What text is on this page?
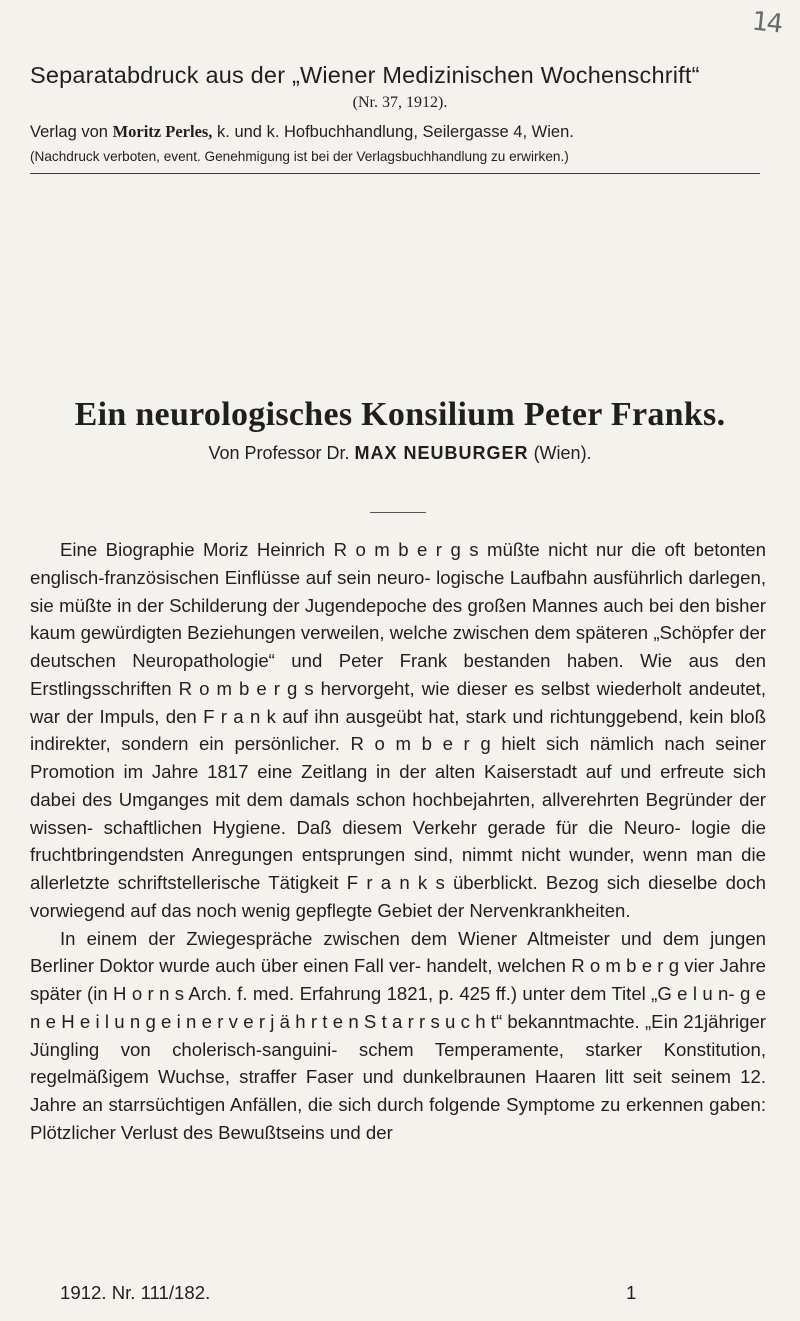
14
Separatabdruck aus der „Wiener Medizinischen Wochenschrift“
(Nr. 37, 1912).
Verlag von Moritz Perles, k. und k. Hofbuchhandlung, Seilergasse 4, Wien.
(Nachdruck verboten, event. Genehmigung ist bei der Verlagsbuchhandlung zu erwirken.)
Ein neurologisches Konsilium Peter Franks.
Von Professor Dr. MAX NEUBURGER (Wien).

Eine Biographie Moriz Heinrich R o m b e r g s müßte nicht nur die oft betonten englisch-französischen Einflüsse auf sein neuro- logische Laufbahn ausführlich darlegen, sie müßte in der Schilderung der Jugendepoche des großen Mannes auch bei den bisher kaum gewürdigten Beziehungen verweilen, welche zwischen dem späteren „Schöpfer der deutschen Neuropathologie“ und Peter Frank bestanden haben. Wie aus den Erstlingsschriften R o m b e r g s hervorgeht, wie dieser es selbst wiederholt andeutet, war der Impuls, den F r a n k auf ihn ausgeübt hat, stark und richtunggebend, kein bloß indirekter, sondern ein persönlicher. R o m b e r g hielt sich nämlich nach seiner Promotion im Jahre 1817 eine Zeitlang in der alten Kaiserstadt auf und erfreute sich dabei des Umganges mit dem damals schon hochbejahrten, allverehrten Begründer der wissen- schaftlichen Hygiene. Daß diesem Verkehr gerade für die Neuro- logie die fruchtbringendsten Anregungen entsprungen sind, nimmt nicht wunder, wenn man die allerletzte schriftstellerische Tätigkeit F r a n k s überblickt. Bezog sich dieselbe doch vorwiegend auf das noch wenig gepflegte Gebiet der Nervenkrankheiten.

In einem der Zwiegespräche zwischen dem Wiener Altmeister und dem jungen Berliner Doktor wurde auch über einen Fall ver- handelt, welchen R o m b e r g vier Jahre später (in H o r n s Arch. f. med. Erfahrung 1821, p. 425 ff.) unter dem Titel „G e l u n- g e n e H e i l u n g e i n e r v e r j ä h r t e n S t a r r s u c h t“ bekanntmachte. „Ein 21jähriger Jüngling von cholerisch-sanguini- schem Temperamente, starker Konstitution, regelmäßigem Wuchse, straffer Faser und dunkelbraunen Haaren litt seit seinem 12. Jahre an starrsüchtigen Anfällen, die sich durch folgende Symptome zu erkennen gaben: Plötzlicher Verlust des Bewußtseins und der

1912. Nr. 111/182.	1
